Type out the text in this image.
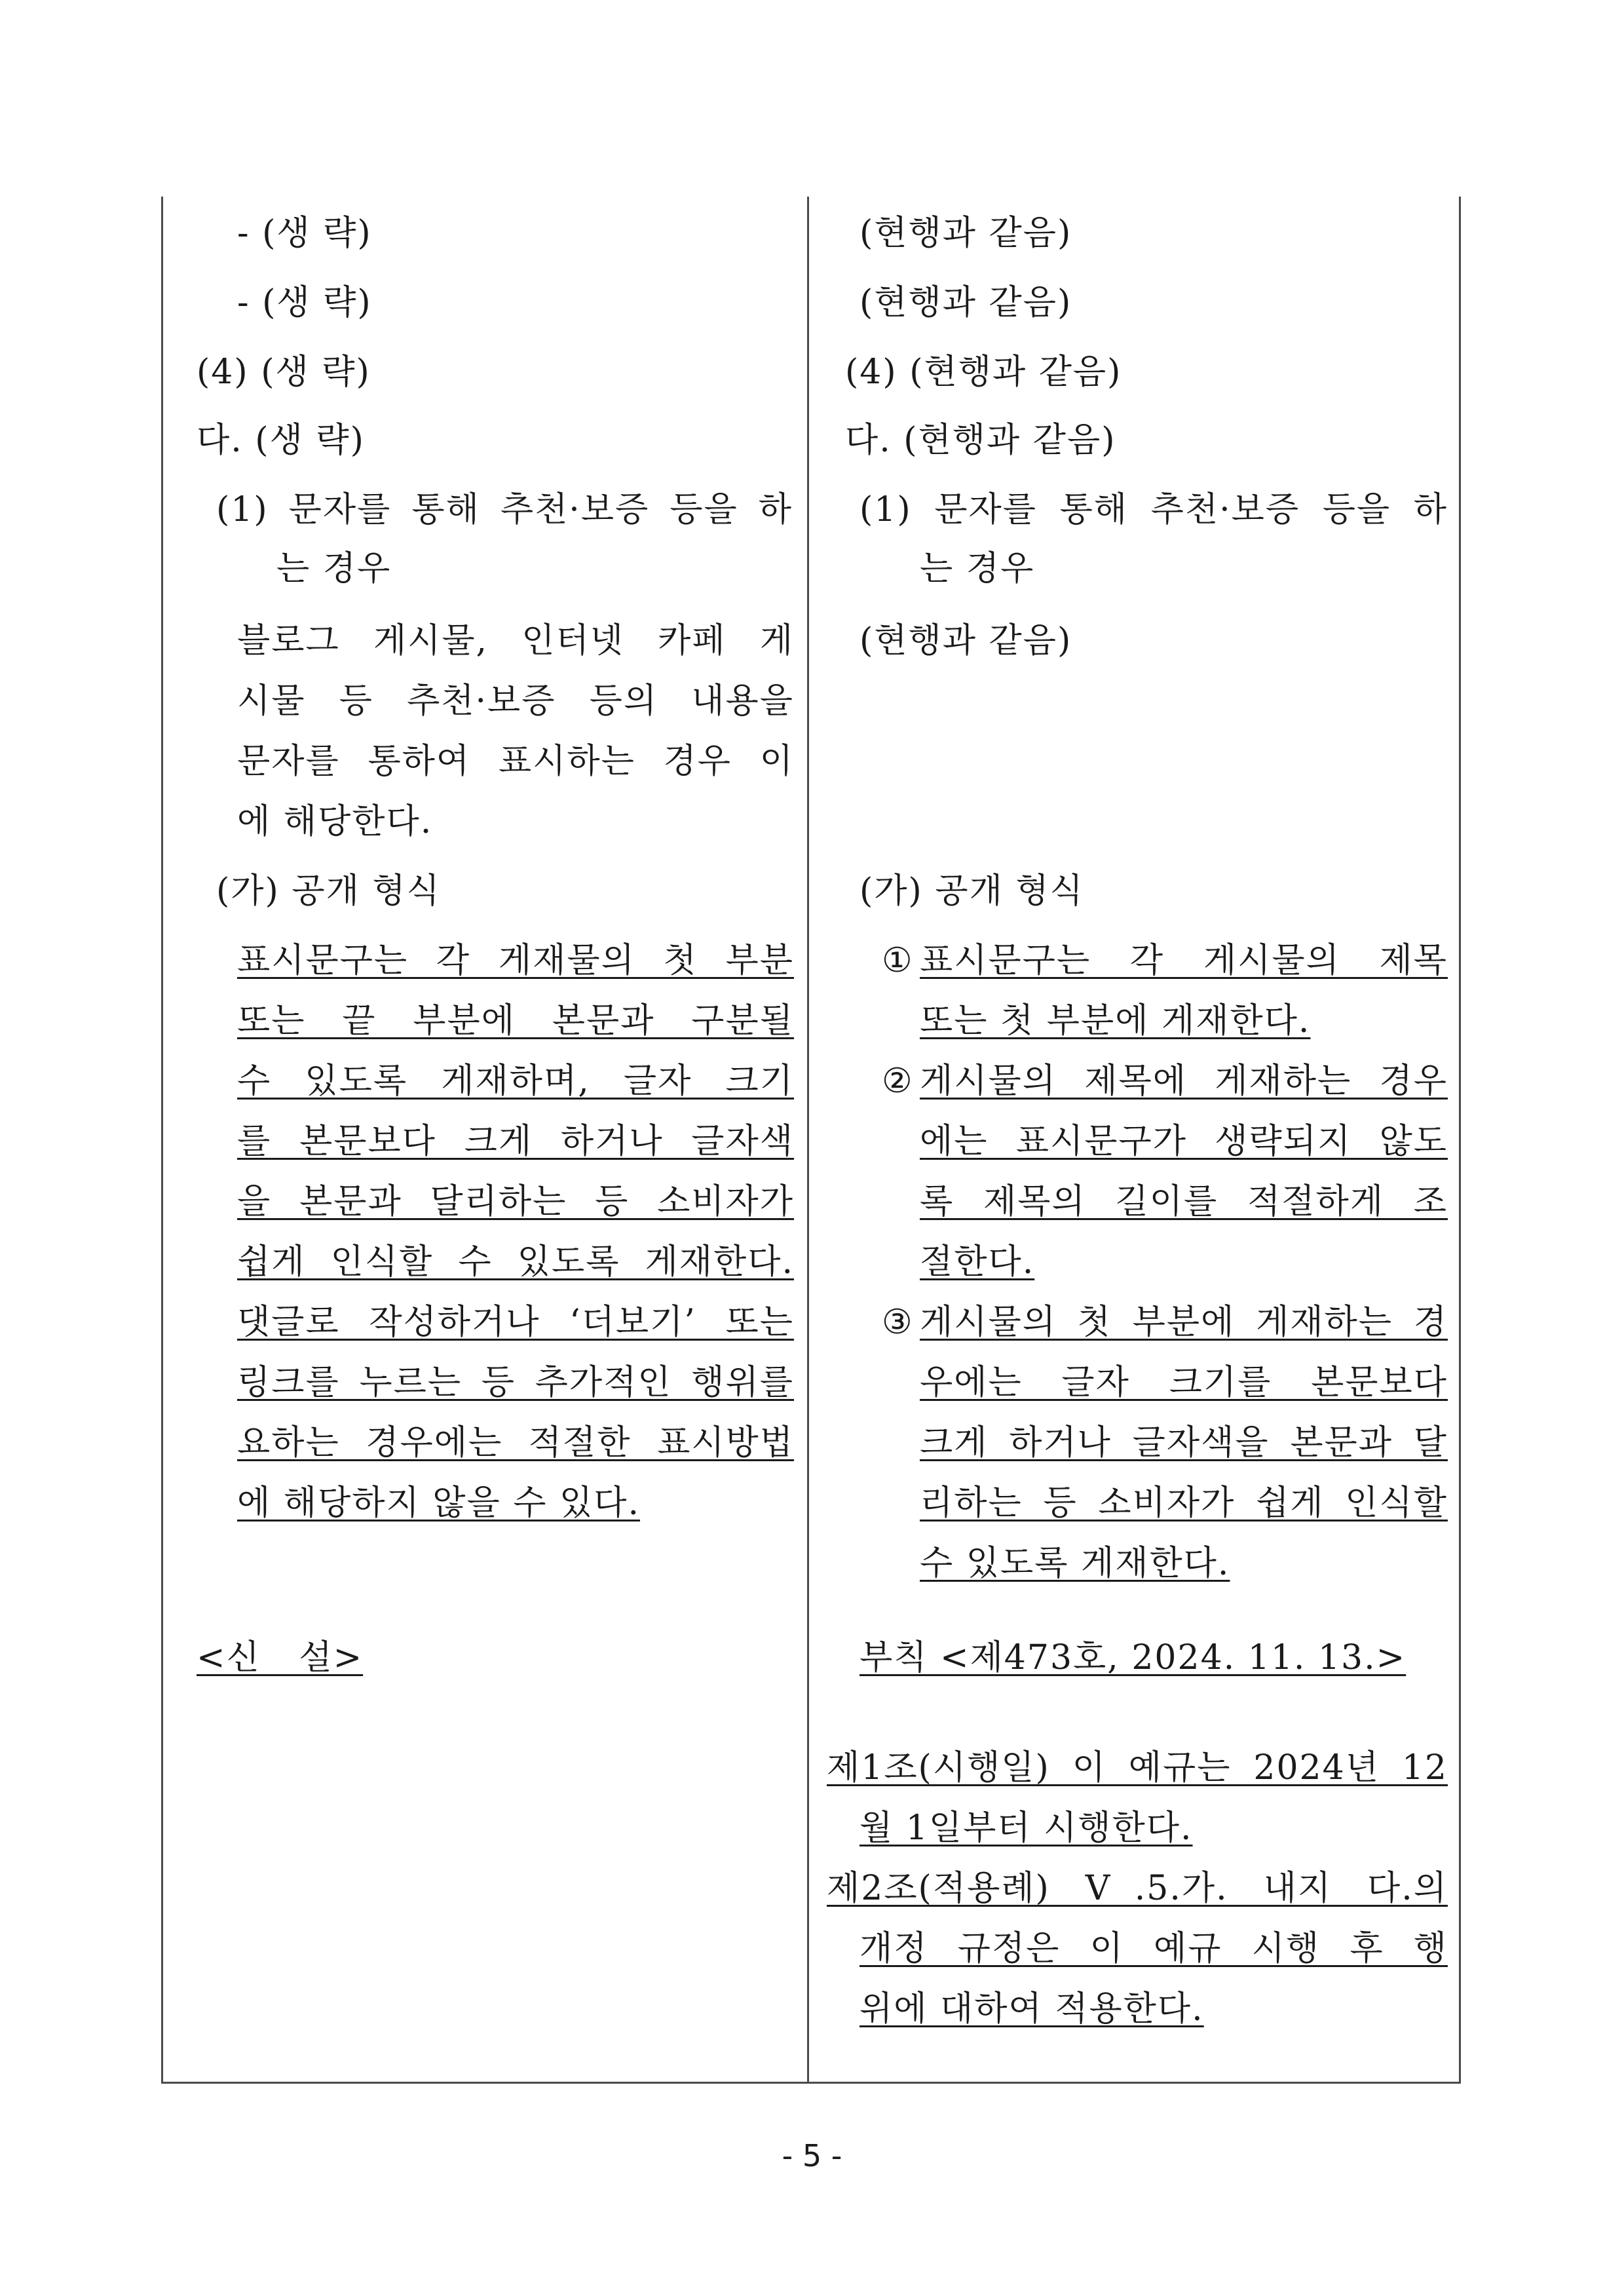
- (생 략)
- (생 략)
(4) (생 략)
다. (생 략)
(1) 문자를 통해 추천·보증 등을 하
는 경우
블로그 게시물, 인터넷 카페 게
시물 등 추천·보증 등의 내용을
문자를 통하여 표시하는 경우 이
에 해당한다.
(가) 공개 형식
표시문구는 각 게재물의 첫 부분
또는 끝 부분에 본문과 구분될
수 있도록 게재하며, 글자 크기
를 본문보다 크게 하거나 글자색
을 본문과 달리하는 등 소비자가
쉽게 인식할 수 있도록 게재한다.
댓글로 작성하거나 ‘더보기’ 또는
링크를 누르는 등 추가적인 행위를
요하는 경우에는 적절한 표시방법
에 해당하지 않을 수 있다.
<신 설>
(현행과 같음)
(현행과 같음)
(4) (현행과 같음)
다. (현행과 같음)
(1) 문자를 통해 추천·보증 등을 하
는 경우
(현행과 같음)
(가) 공개 형식
① 표시문구는 각 게시물의 제목
또는 첫 부분에 게재한다.
② 게시물의 제목에 게재하는 경우
에는 표시문구가 생략되지 않도
록 제목의 길이를 적절하게 조
절한다.
③ 게시물의 첫 부분에 게재하는 경
우에는 글자 크기를 본문보다
크게 하거나 글자색을 본문과 달
리하는 등 소비자가 쉽게 인식할
수 있도록 게재한다.
부칙 <제473호, 2024. 11. 13.>
제1조(시행일) 이 예규는 2024년 12
월 1일부터 시행한다.
제2조(적용례) Ⅴ.5.가. 내지 다.의
개정 규정은 이 예규 시행 후 행
위에 대하여 적용한다.
- 5 -
